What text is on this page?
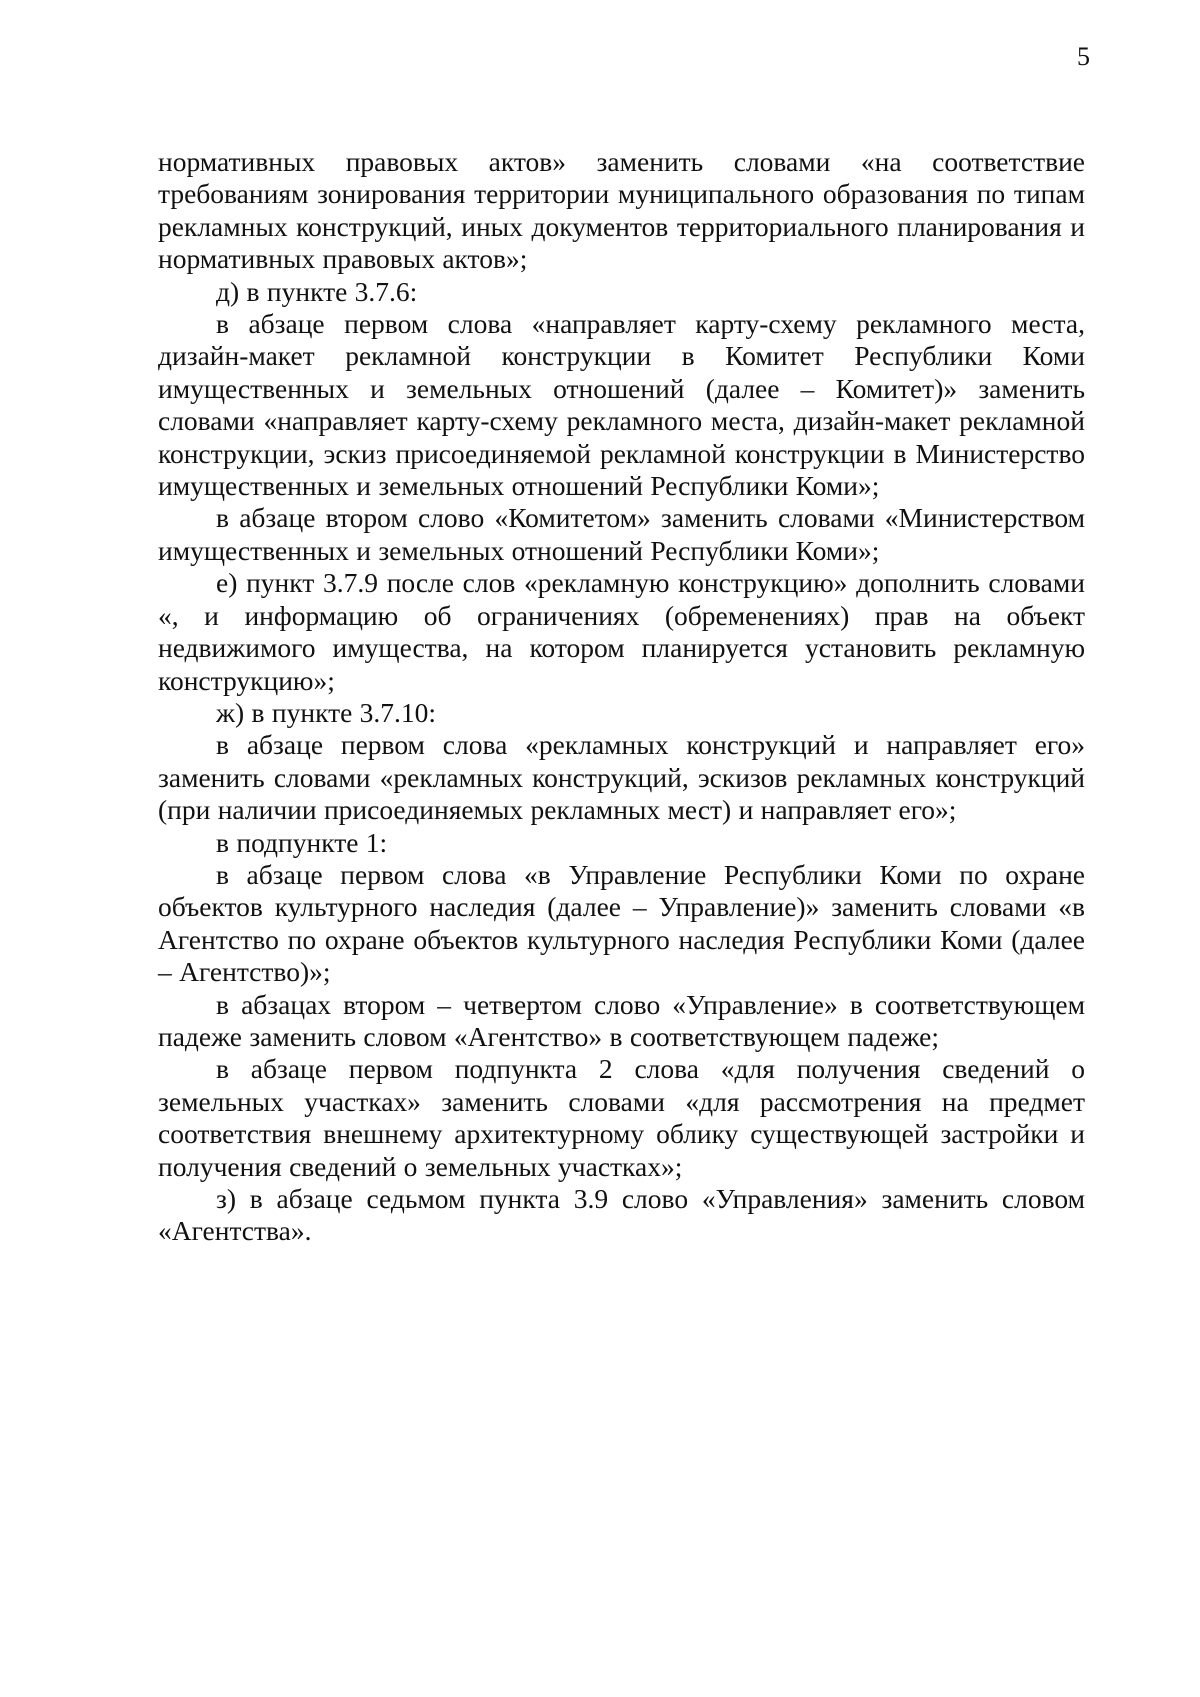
5

нормативных правовых актов» заменить словами «на соответствие требованиям зонирования территории муниципального образования по типам рекламных конструкций, иных документов территориального планирования и нормативных правовых актов»;

д) в пункте 3.7.6:

в абзаце первом слова «направляет карту-схему рекламного места, дизайн-макет рекламной конструкции в Комитет Республики Коми имущественных и земельных отношений (далее – Комитет)» заменить словами «направляет карту-схему рекламного места, дизайн-макет рекламной конструкции, эскиз присоединяемой рекламной конструкции в Министерство имущественных и земельных отношений Республики Коми»;

в абзаце втором слово «Комитетом» заменить словами «Министерством имущественных и земельных отношений Республики Коми»;

е) пункт 3.7.9 после слов «рекламную конструкцию» дополнить словами «, и информацию об ограничениях (обременениях) прав на объект недвижимого имущества, на котором планируется установить рекламную конструкцию»;

ж) в пункте 3.7.10:

в абзаце первом слова «рекламных конструкций и направляет его» заменить словами «рекламных конструкций, эскизов рекламных конструкций (при наличии присоединяемых рекламных мест) и направляет его»;

в подпункте 1:

в абзаце первом слова «в Управление Республики Коми по охране объектов культурного наследия (далее – Управление)» заменить словами «в Агентство по охране объектов культурного наследия Республики Коми (далее – Агентство)»;

в абзацах втором – четвертом слово «Управление» в соответствующем падеже заменить словом «Агентство» в соответствующем падеже;

в абзаце первом подпункта 2 слова «для получения сведений о земельных участках» заменить словами «для рассмотрения на предмет соответствия внешнему архитектурному облику существующей застройки и получения сведений о земельных участках»;

з) в абзаце седьмом пункта 3.9 слово «Управления» заменить словом «Агентства».
